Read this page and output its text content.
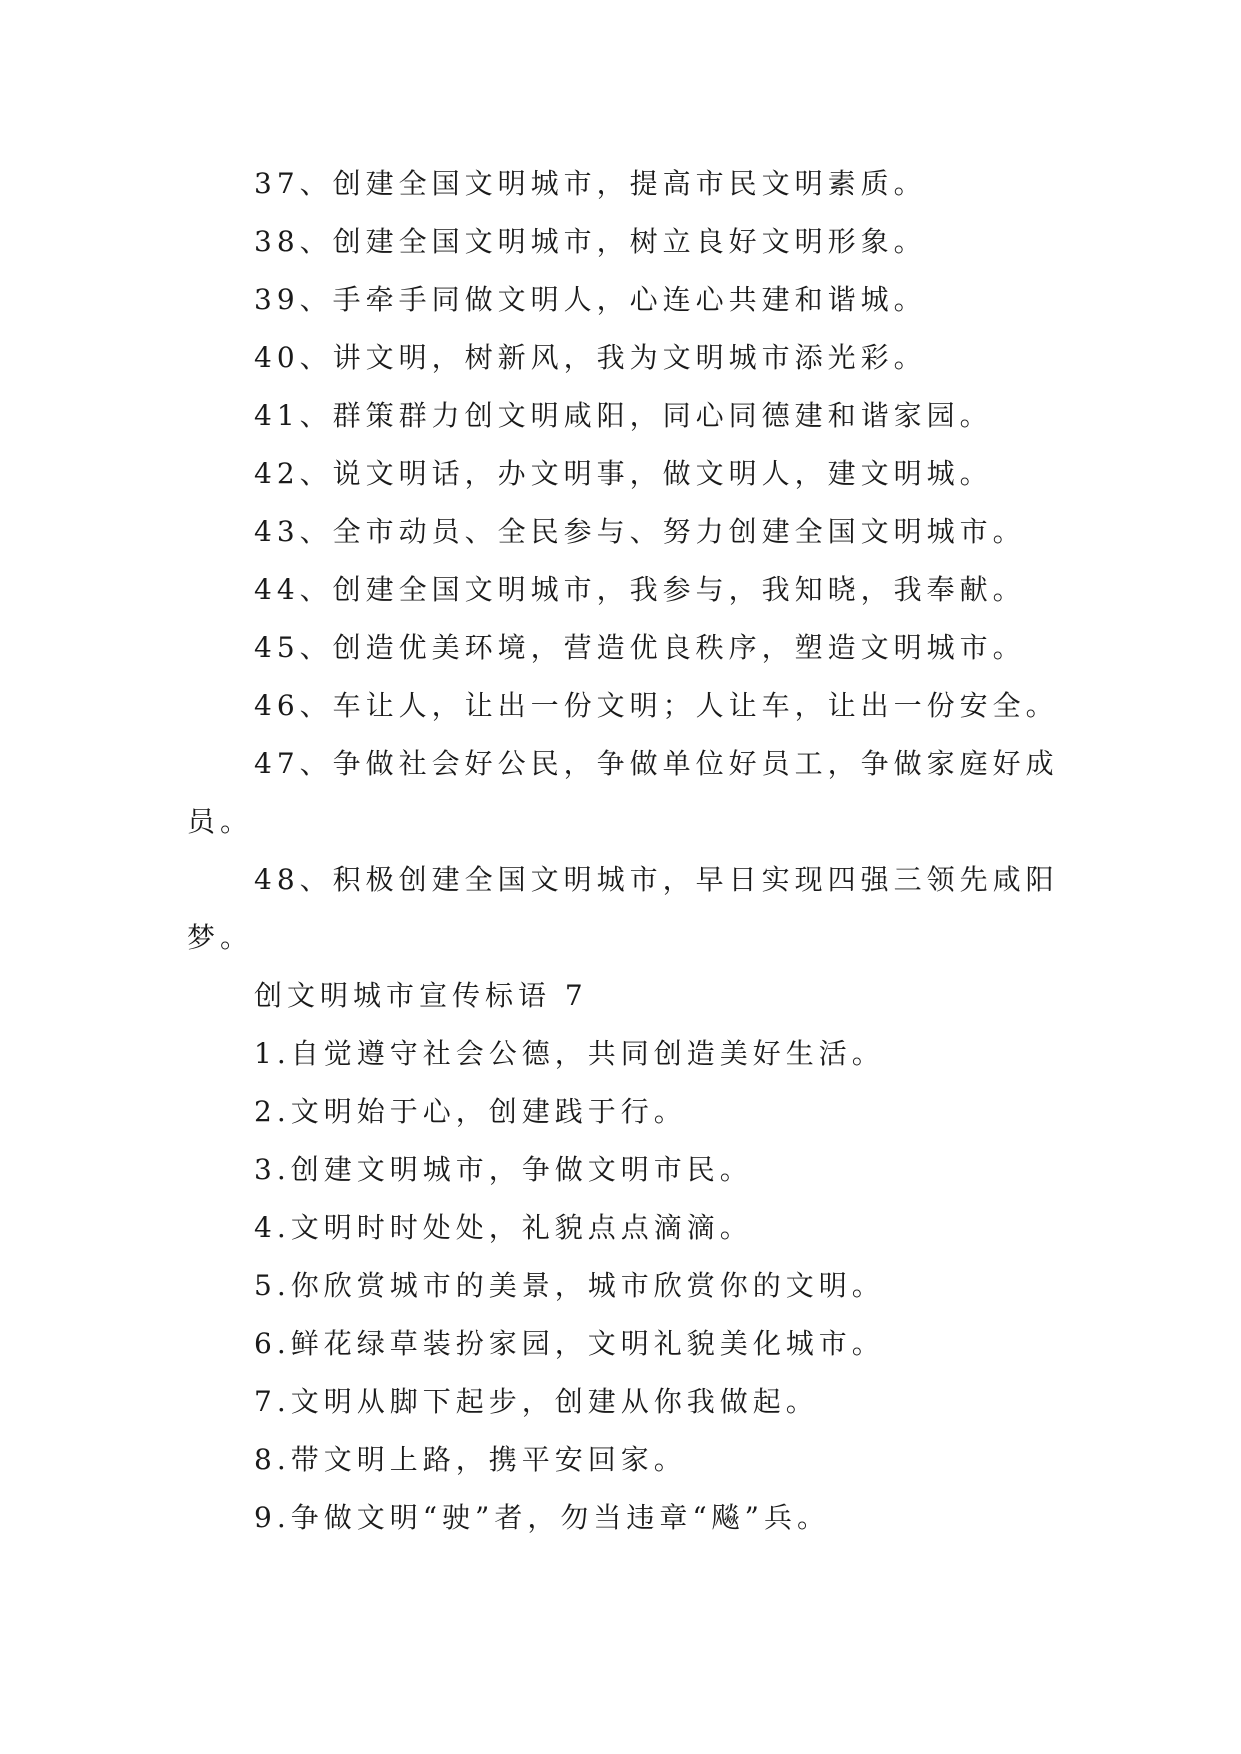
37、创建全国文明城市，提高市民文明素质。

38、创建全国文明城市，树立良好文明形象。

39、手牵手同做文明人，心连心共建和谐城。

40、讲文明，树新风，我为文明城市添光彩。

41、群策群力创文明咸阳，同心同德建和谐家园。

42、说文明话，办文明事，做文明人，建文明城。

43、全市动员、全民参与、努力创建全国文明城市。

44、创建全国文明城市，我参与，我知晓，我奉献。

45、创造优美环境，营造优良秩序，塑造文明城市。

46、车让人，让出一份文明；人让车，让出一份安全。

47、争做社会好公民，争做单位好员工，争做家庭好成员。

48、积极创建全国文明城市，早日实现四强三领先咸阳梦。

创文明城市宣传标语 7

1.自觉遵守社会公德，共同创造美好生活。

2.文明始于心，创建践于行。

3.创建文明城市，争做文明市民。

4.文明时时处处，礼貌点点滴滴。

5.你欣赏城市的美景，城市欣赏你的文明。

6.鲜花绿草装扮家园，文明礼貌美化城市。

7.文明从脚下起步，创建从你我做起。

8.带文明上路，携平安回家。

9.争做文明“驶”者，勿当违章“飚”兵。
